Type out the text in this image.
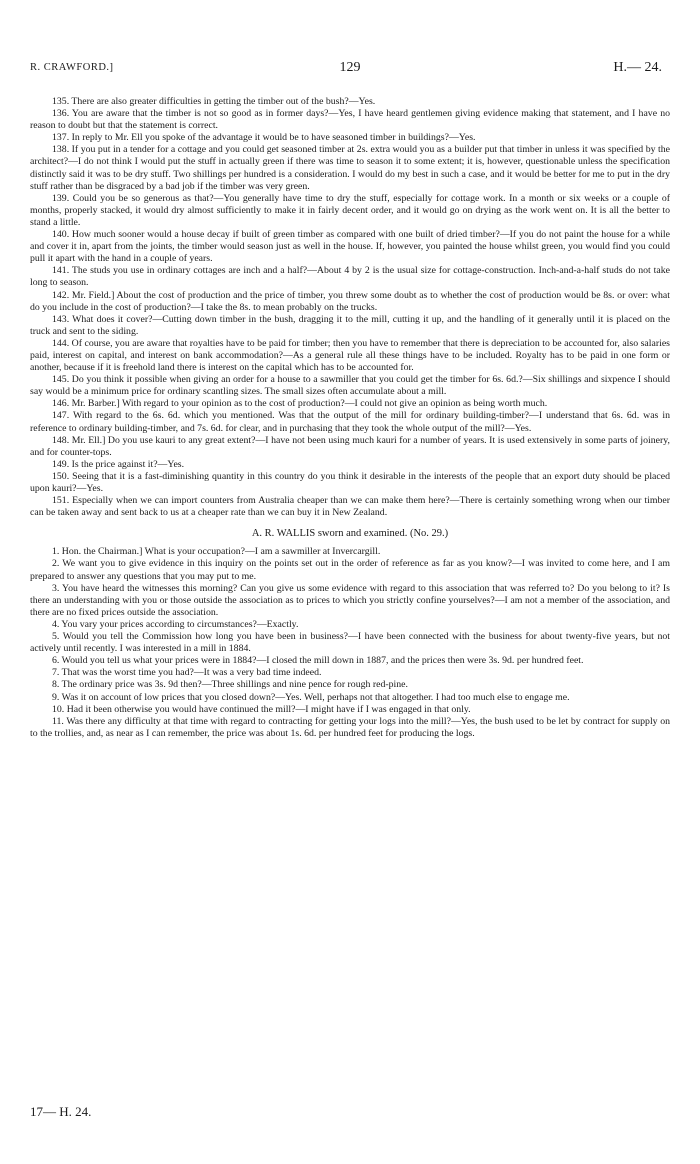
R. CRAWFORD.]	129	H.— 24.

135. There are also greater difficulties in getting the timber out of the bush?—Yes.

136. You are aware that the timber is not so good as in former days?—Yes, I have heard gentlemen giving evidence making that statement, and I have no reason to doubt but that the statement is correct.

137. In reply to Mr. Ell you spoke of the advantage it would be to have seasoned timber in buildings?—Yes.

138. If you put in a tender for a cottage and you could get seasoned timber at 2s. extra would you as a builder put that timber in unless it was specified by the architect?—I do not think I would put the stuff in actually green if there was time to season it to some extent; it is, however, questionable unless the specification distinctly said it was to be dry stuff. Two shillings per hundred is a consideration. I would do my best in such a case, and it would be better for me to put in the dry stuff rather than be disgraced by a bad job if the timber was very green.

139. Could you be so generous as that?—You generally have time to dry the stuff, especially for cottage work. In a month or six weeks or a couple of months, properly stacked, it would dry almost sufficiently to make it in fairly decent order, and it would go on drying as the work went on. It is all the better to stand a little.

140. How much sooner would a house decay if built of green timber as compared with one built of dried timber?—If you do not paint the house for a while and cover it in, apart from the joints, the timber would season just as well in the house. If, however, you painted the house whilst green, you would find you could pull it apart with the hand in a couple of years.

141. The studs you use in ordinary cottages are inch and a half?—About 4 by 2 is the usual size for cottage-construction. Inch-and-a-half studs do not take long to season.

142. Mr. Field.] About the cost of production and the price of timber, you threw some doubt as to whether the cost of production would be 8s. or over: what do you include in the cost of production?—I take the 8s. to mean probably on the trucks.

143. What does it cover?—Cutting down timber in the bush, dragging it to the mill, cutting it up, and the handling of it generally until it is placed on the truck and sent to the siding.

144. Of course, you are aware that royalties have to be paid for timber; then you have to remember that there is depreciation to be accounted for, also salaries paid, interest on capital, and interest on bank accommodation?—As a general rule all these things have to be included. Royalty has to be paid in one form or another, because if it is freehold land there is interest on the capital which has to be accounted for.

145. Do you think it possible when giving an order for a house to a sawmiller that you could get the timber for 6s. 6d.?—Six shillings and sixpence I should say would be a minimum price for ordinary scantling sizes. The small sizes often accumulate about a mill.

146. Mr. Barber.] With regard to your opinion as to the cost of production?—I could not give an opinion as being worth much.

147. With regard to the 6s. 6d. which you mentioned. Was that the output of the mill for ordinary building-timber?—I understand that 6s. 6d. was in reference to ordinary building-timber, and 7s. 6d. for clear, and in purchasing that they took the whole output of the mill?—Yes.

148. Mr. Ell.] Do you use kauri to any great extent?—I have not been using much kauri for a number of years. It is used extensively in some parts of joinery, and for counter-tops.

149. Is the price against it?—Yes.

150. Seeing that it is a fast-diminishing quantity in this country do you think it desirable in the interests of the people that an export duty should be placed upon kauri?—Yes.

151. Especially when we can import counters from Australia cheaper than we can make them here?—There is certainly something wrong when our timber can be taken away and sent back to us at a cheaper rate than we can buy it in New Zealand.

A. R. WALLIS sworn and examined. (No. 29.)

1. Hon. the Chairman.] What is your occupation?—I am a sawmiller at Invercargill.

2. We want you to give evidence in this inquiry on the points set out in the order of reference as far as you know?—I was invited to come here, and I am prepared to answer any questions that you may put to me.

3. You have heard the witnesses this morning? Can you give us some evidence with regard to this association that was referred to? Do you belong to it? Is there an understanding with you or those outside the association as to prices to which you strictly confine yourselves?—I am not a member of the association, and there are no fixed prices outside the association.

4. You vary your prices according to circumstances?—Exactly.

5. Would you tell the Commission how long you have been in business?—I have been connected with the business for about twenty-five years, but not actively until recently. I was interested in a mill in 1884.

6. Would you tell us what your prices were in 1884?—I closed the mill down in 1887, and the prices then were 3s. 9d. per hundred feet.

7. That was the worst time you had?—It was a very bad time indeed.

8. The ordinary price was 3s. 9d then?—Three shillings and nine pence for rough red-pine.

9. Was it on account of low prices that you closed down?—Yes. Well, perhaps not that altogether. I had too much else to engage me.

10. Had it been otherwise you would have continued the mill?—I might have if I was engaged in that only.

11. Was there any difficulty at that time with regard to contracting for getting your logs into the mill?—Yes, the bush used to be let by contract for supply on to the trollies, and, as near as I can remember, the price was about 1s. 6d. per hundred feet for producing the logs.

17— H. 24.
